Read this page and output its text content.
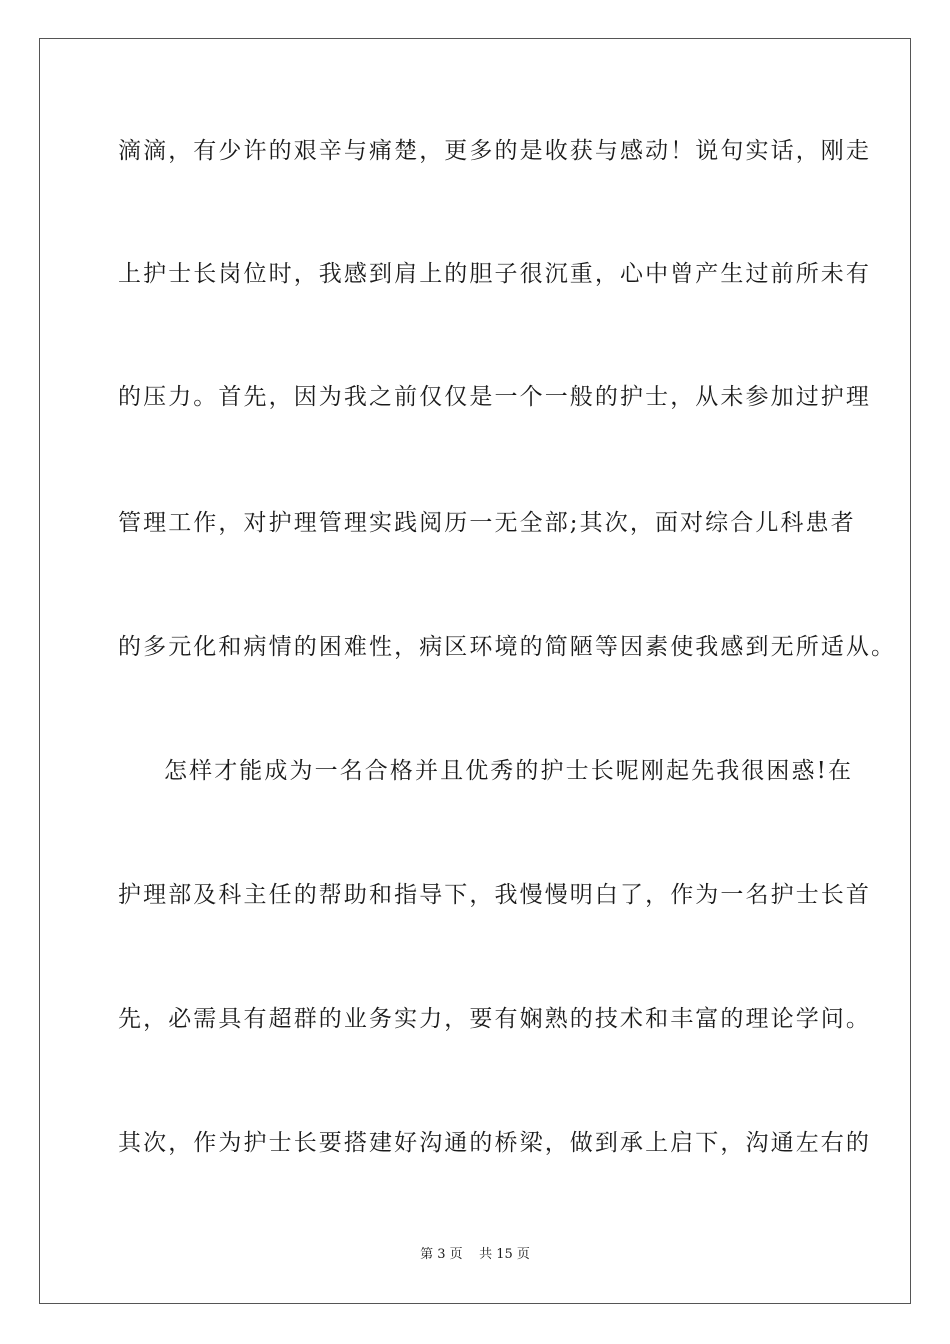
滴滴，有少许的艰辛与痛楚，更多的是收获与感动！说句实话，刚走
上护士长岗位时，我感到肩上的胆子很沉重，心中曾产生过前所未有
的压力。首先，因为我之前仅仅是一个一般的护士，从未参加过护理
管理工作，对护理管理实践阅历一无全部;其次，面对综合儿科患者
的多元化和病情的困难性，病区环境的简陋等因素使我感到无所适从。
怎样才能成为一名合格并且优秀的护士长呢刚起先我很困惑!在
护理部及科主任的帮助和指导下，我慢慢明白了，作为一名护士长首
先，必需具有超群的业务实力，要有娴熟的技术和丰富的理论学问。
其次，作为护士长要搭建好沟通的桥梁，做到承上启下，沟通左右的
第 3 页    共 15 页
